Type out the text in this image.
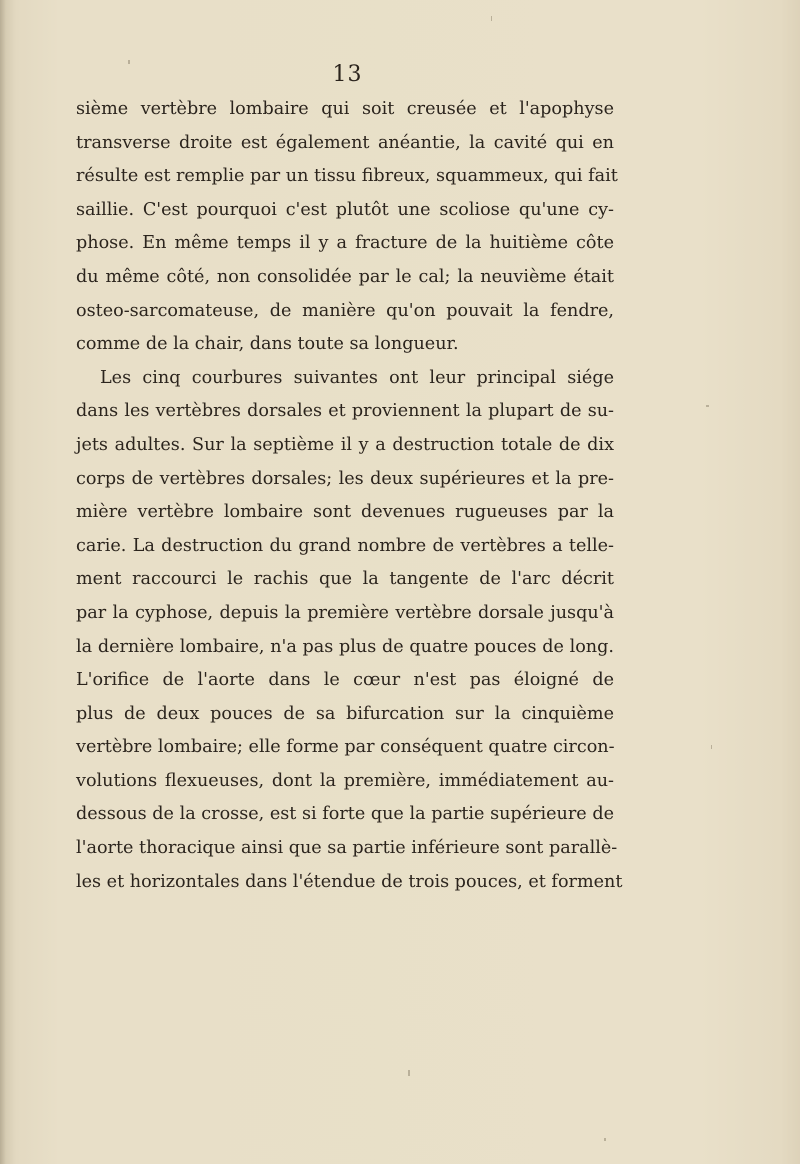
13
sième vertèbre lombaire qui soit creusée et l'apophyse
transverse droite est également anéantie, la cavité qui en
résulte est remplie par un tissu fibreux, squammeux, qui fait
saillie. C'est pourquoi c'est plutôt une scoliose qu'une cy-
phose. En même temps il y a fracture de la huitième côte
du même côté, non consolidée par le cal; la neuvième était
osteo-sarcomateuse, de manière qu'on pouvait la fendre,
comme de la chair, dans toute sa longueur.
Les cinq courbures suivantes ont leur principal siége
dans les vertèbres dorsales et proviennent la plupart de su-
jets adultes. Sur la septième il y a destruction totale de dix
corps de vertèbres dorsales; les deux supérieures et la pre-
mière vertèbre lombaire sont devenues rugueuses par la
carie. La destruction du grand nombre de vertèbres a telle-
ment raccourci le rachis que la tangente de l'arc décrit
par la cyphose, depuis la première vertèbre dorsale jusqu'à
la dernière lombaire, n'a pas plus de quatre pouces de long.
L'orifice de l'aorte dans le cœur n'est pas éloigné de
plus de deux pouces de sa bifurcation sur la cinquième
vertèbre lombaire; elle forme par conséquent quatre circon-
volutions flexueuses, dont la première, immédiatement au-
dessous de la crosse, est si forte que la partie supérieure de
l'aorte thoracique ainsi que sa partie inférieure sont parallè-
les et horizontales dans l'étendue de trois pouces, et forment
